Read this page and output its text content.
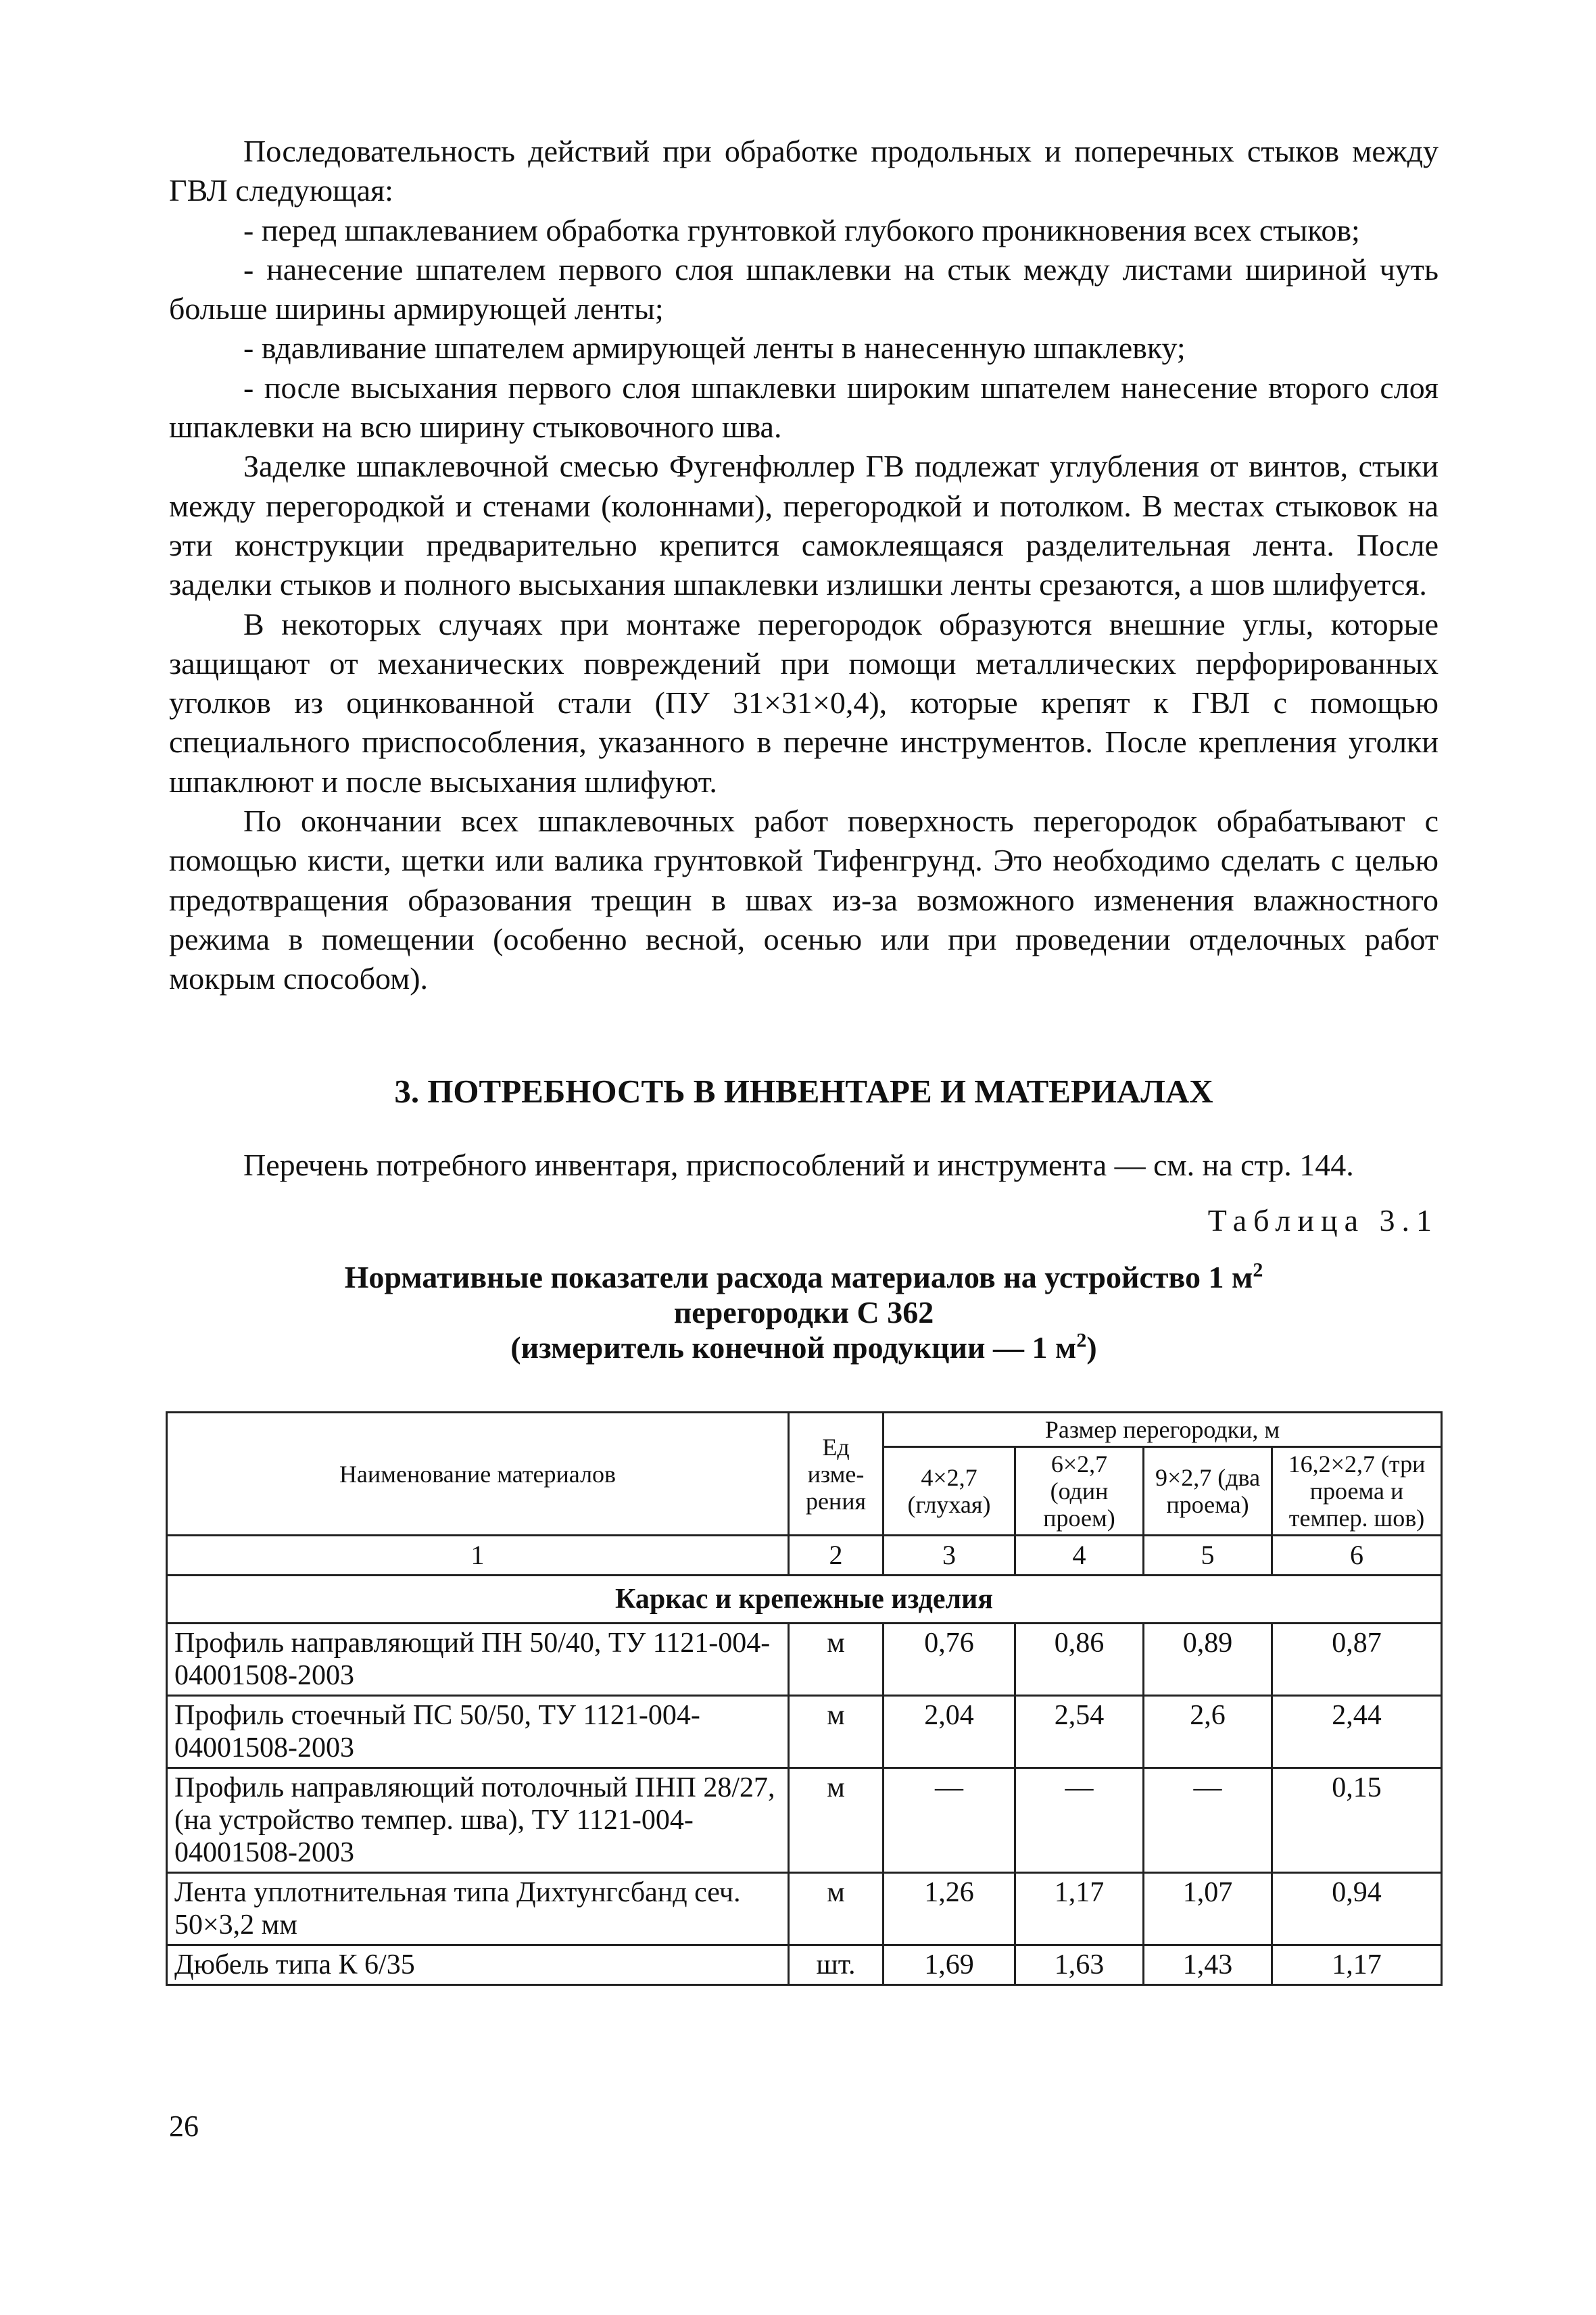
Последовательность действий при обработке продольных и поперечных стыков между ГВЛ следующая:

- перед шпаклеванием обработка грунтовкой глубокого проникновения всех стыков;

- нанесение шпателем первого слоя шпаклевки на стык между листами шириной чуть больше ширины армирующей ленты;

- вдавливание шпателем армирующей ленты в нанесенную шпаклевку;

- после высыхания первого слоя шпаклевки широким шпателем нанесение второго слоя шпаклевки на всю ширину стыковочного шва.

Заделке шпаклевочной смесью Фугенфюллер ГВ подлежат углубления от винтов, стыки между перегородкой и стенами (колоннами), перегородкой и потолком. В местах стыковок на эти конструкции предварительно крепится самоклеящаяся разделительная лента. После заделки стыков и полного высыхания шпаклевки излишки ленты срезаются, а шов шлифуется.

В некоторых случаях при монтаже перегородок образуются внешние углы, которые защищают от механических повреждений при помощи металлических перфорированных уголков из оцинкованной стали (ПУ 31×31×0,4), которые крепят к ГВЛ с помощью специального приспособления, указанного в перечне инструментов. После крепления уголки шпаклюют и после высыхания шлифуют.

По окончании всех шпаклевочных работ поверхность перегородок обрабатывают с помощью кисти, щетки или валика грунтовкой Тифенгрунд. Это необходимо сделать с целью предотвращения образования трещин в швах из-за возможного изменения влажностного режима в помещении (особенно весной, осенью или при проведении отделочных работ мокрым способом).

3. ПОТРЕБНОСТЬ В ИНВЕНТАРЕ И МАТЕРИАЛАХ
Перечень потребного инвентаря, приспособлений и инструмента — см. на стр. 144.
Таблица 3.1

Нормативные показатели расхода материалов на устройство 1 $м^2$

перегородки С 362

(измеритель конечной продукции — 1 $м^2$)

Наименование материалов	Ед изме-рения	Размер перегородки, м			
		4×2,7 (глухая)	6×2,7 (один проем)	9×2,7 (два проема)	16,2×2,7 (три проема и темпер. шов)
1	2	3	4	5	6
Каркас и крепежные изделия					
Профиль направляющий ПН 50/40, ТУ 1121-004-04001508-2003	м	0,76	0,86	0,89	0,87
Профиль стоечный ПС 50/50, ТУ 1121-004-04001508-2003	м	2,04	2,54	2,6	2,44
Профиль направляющий потолочный ПНП 28/27, (на устройство темпер. шва), ТУ 1121-004-04001508-2003	м	—	—	—	0,15
Лента уплотнительная типа Дихтунгсбанд сеч. 50×3,2 мм	м	1,26	1,17	1,07	0,94
Дюбель типа К 6/35	шт.	1,69	1,63	1,43	1,17
26
